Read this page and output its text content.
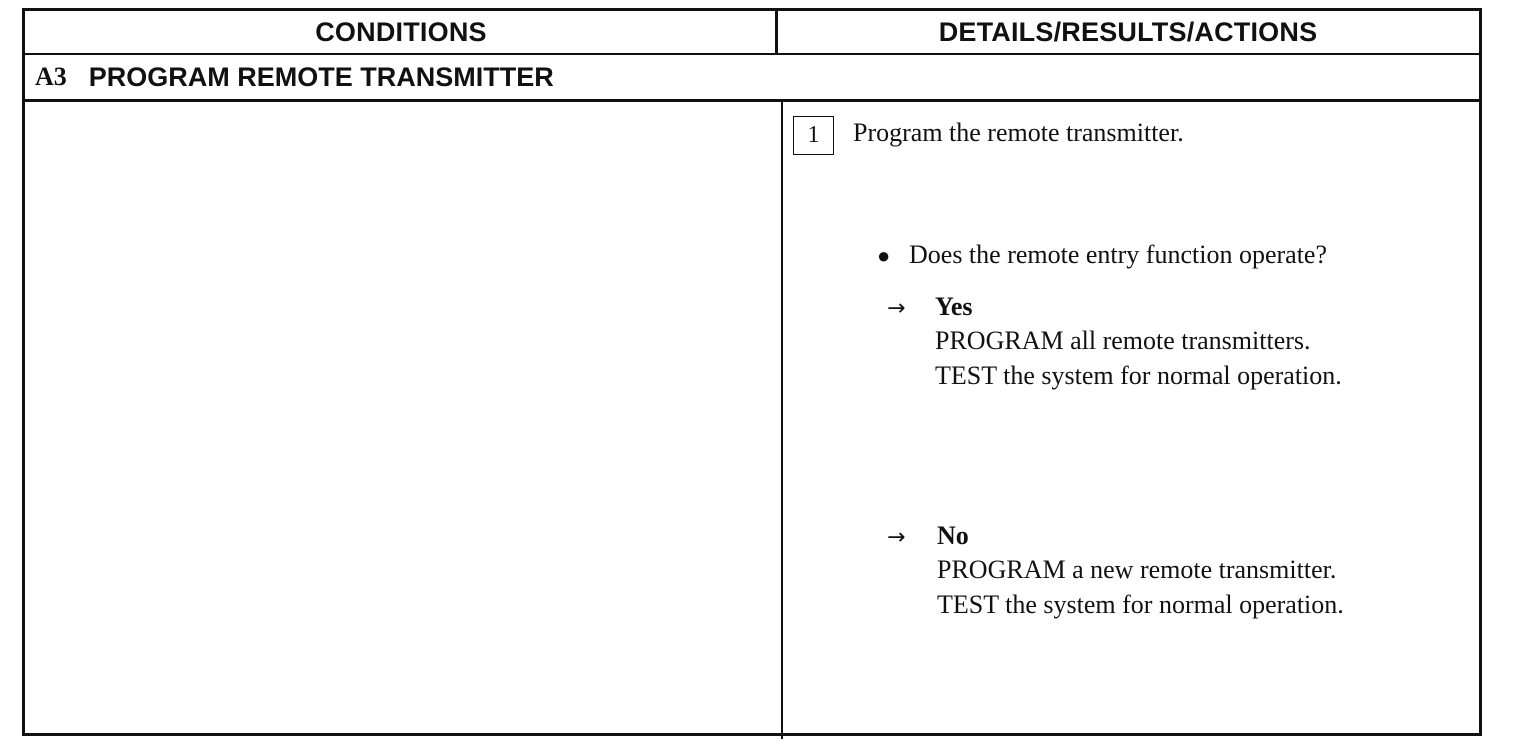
CONDITIONS	DETAILS/RESULTS/ACTIONS
A3 PROGRAM REMOTE TRANSMITTER
1	Program the remote transmitter.
● Does the remote entry function operate?
→ Yes
PROGRAM all remote transmitters.
TEST the system for normal operation.
→ No
PROGRAM a new remote transmitter.
TEST the system for normal operation.
